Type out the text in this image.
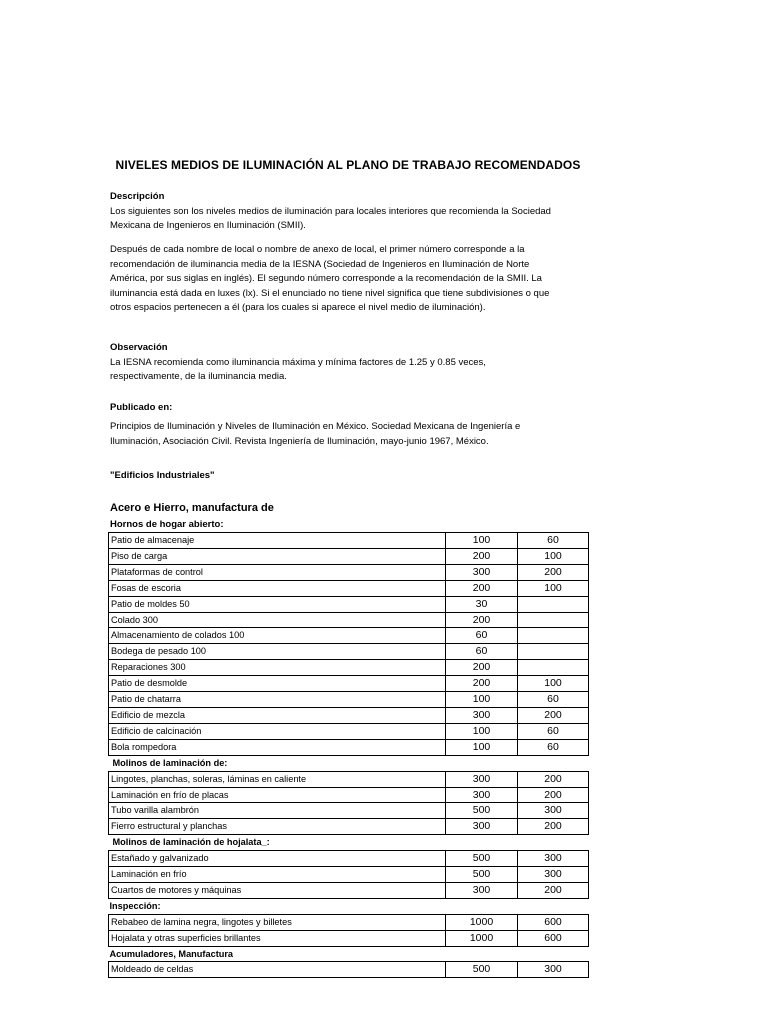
NIVELES MEDIOS DE ILUMINACIÓN AL PLANO DE TRABAJO RECOMENDADOS
Descripción
Los siguientes son los niveles medios de iluminación para locales interiores que recomienda la Sociedad
Mexicana de Ingenieros en Iluminación (SMII).
Después de cada nombre de local o nombre de anexo de local, el primer número corresponde a la
recomendación de iluminancia media de la IESNA (Sociedad de Ingenieros en Iluminación de Norte
América, por sus siglas en inglés). El segundo número corresponde a la recomendación de la SMII. La
iluminancia está dada en luxes (lx). Si el enunciado no tiene nivel significa que tiene subdivisiones o que
otros espacios pertenecen a él (para los cuales si aparece el nivel medio de iluminación).
Observación
La IESNA recomienda como iluminancia máxima y mínima factores de 1.25 y 0.85 veces,
respectivamente, de la iluminancia media.
Publicado en:
Principios de Iluminación y Niveles de Iluminación en México. Sociedad Mexicana de Ingeniería e
Iluminación, Asociación Civil. Revista Ingeniería de Iluminación, mayo-junio 1967, México.
"Edificios Industriales"
Acero e Hierro, manufactura de
Hornos de hogar abierto:
Patio de almacenaje	100	60
Piso de carga	200	100
Plataformas de control	300	200
Fosas de escoria	200	100
Patio de moldes 50	30	
Colado 300	200	
Almacenamiento de colados 100	60	
Bodega de pesado 100	60	
Reparaciones 300	200	
Patio de desmolde	200	100
Patio de chatarra	100	60
Edificio de mezcla	300	200
Edificio de calcinación	100	60
Bola rompedora	100	60
Molinos de laminación de:		
Lingotes, planchas, soleras, láminas en caliente	300	200
Laminación en frío de placas	300	200
Tubo varilla alambrón	500	300
Fierro estructural y planchas	300	200
Molinos de laminación de hojalata_:		
Estañado y galvanizado	500	300
Laminación en frío	500	300
Cuartos de motores y máquinas	300	200
Inspección:		
Rebabeo de lamina negra, lingotes y billetes	1000	600
Hojalata y otras superficies brillantes	1000	600
Acumuladores, Manufactura		
Moldeado de celdas	500	300
